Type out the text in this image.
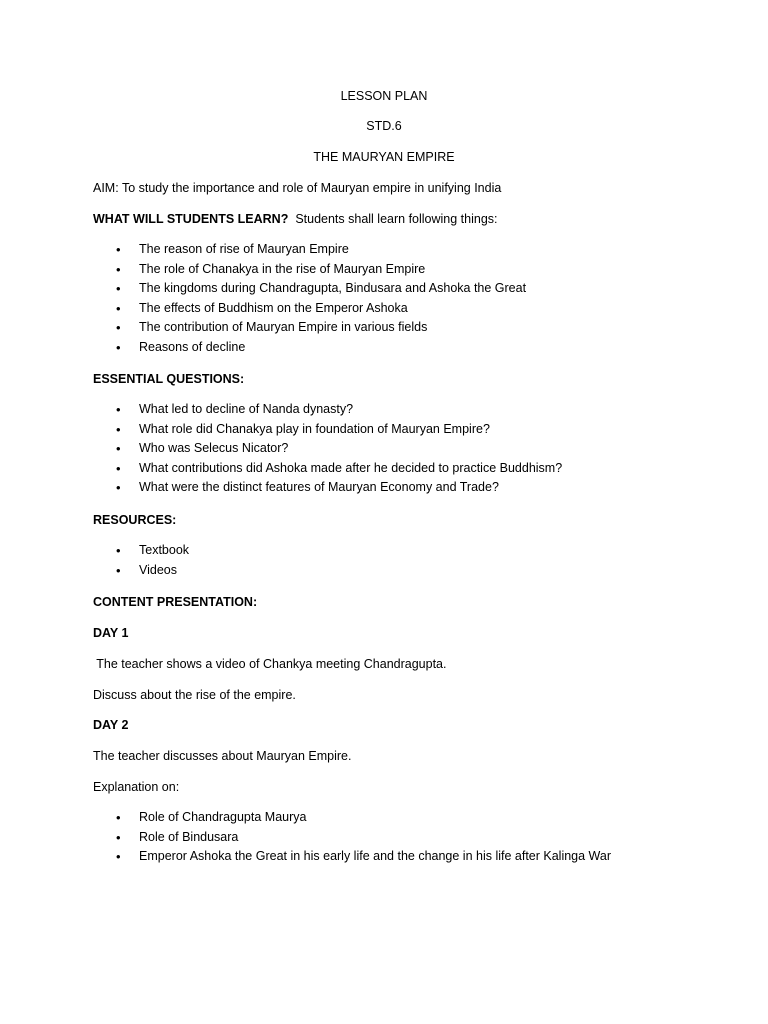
LESSON PLAN
STD.6
THE MAURYAN EMPIRE
AIM: To study the importance and role of Mauryan empire in unifying India
WHAT WILL STUDENTS LEARN? Students shall learn following things:
•	The reason of rise of Mauryan Empire
•	The role of Chanakya in the rise of Mauryan Empire
•	The kingdoms during Chandragupta, Bindusara and Ashoka the Great
•	The effects of Buddhism on the Emperor Ashoka
•	The contribution of Mauryan Empire in various fields
•	Reasons of decline
ESSENTIAL QUESTIONS:
•	What led to decline of Nanda dynasty?
•	What role did Chanakya play in foundation of Mauryan Empire?
•	Who was Selecus Nicator?
•	What contributions did Ashoka made after he decided to practice Buddhism?
•	What were the distinct features of Mauryan Economy and Trade?
RESOURCES:
•	Textbook
•	Videos
CONTENT PRESENTATION:
DAY 1
The teacher shows a video of Chankya meeting Chandragupta.
Discuss about the rise of the empire.
DAY 2
The teacher discusses about Mauryan Empire.
Explanation on:
•	Role of Chandragupta Maurya
•	Role of Bindusara
•	Emperor Ashoka the Great in his early life and the change in his life after Kalinga War
